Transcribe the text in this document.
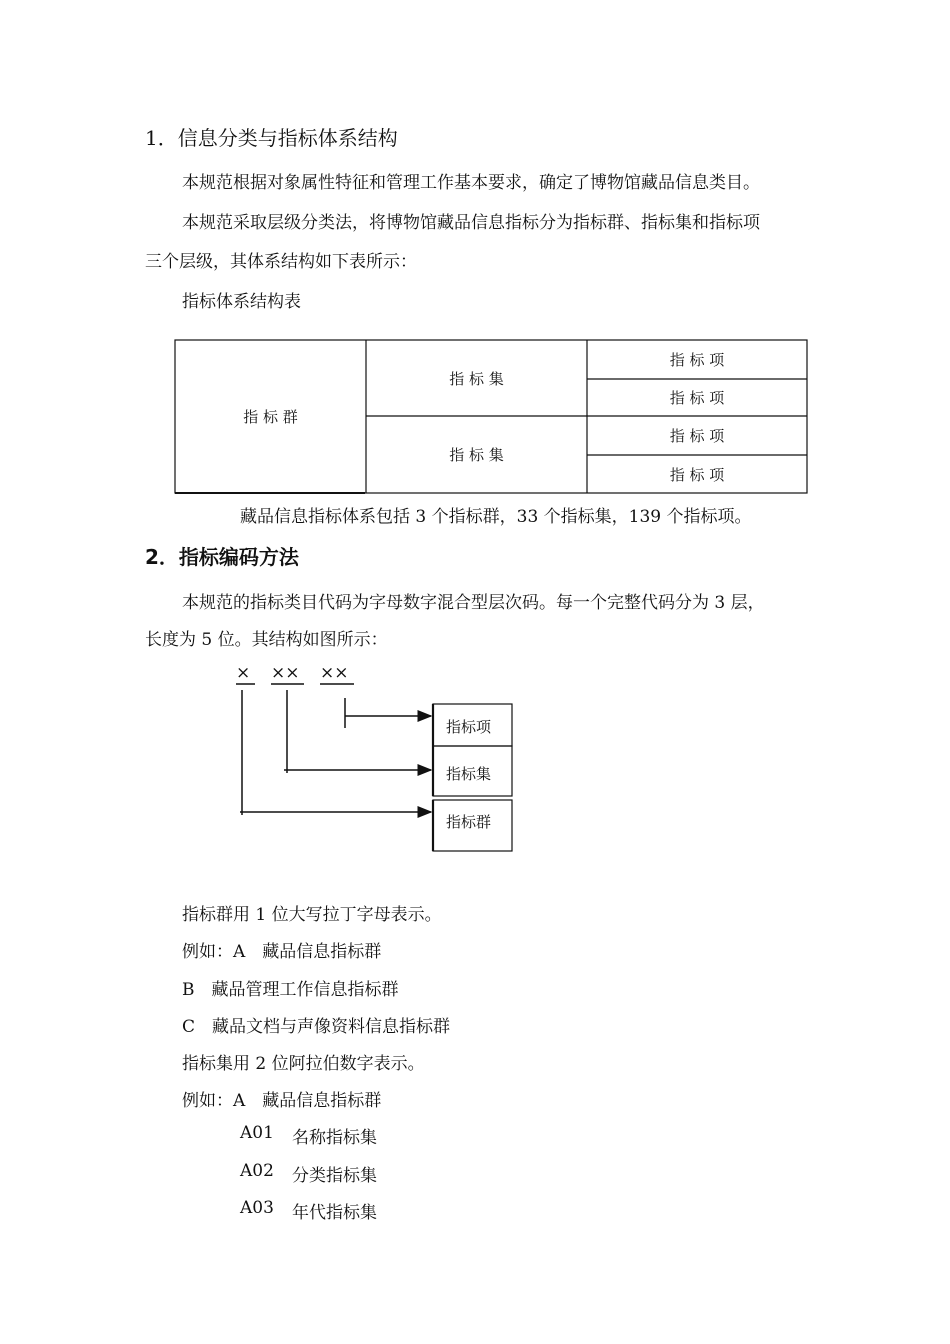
1．信息分类与指标体系结构
本规范根据对象属性特征和管理工作基本要求，确定了博物馆藏品信息类目。
本规范采取层级分类法，将博物馆藏品信息指标分为指标群、指标集和指标项
三个层级，其体系结构如下表所示：
指标体系结构表
指 标 群
指 标 集
指 标 集
指 标 项
指 标 项
指 标 项
指 标 项
藏品信息指标体系包括 3 个指标群，33 个指标集，139 个指标项。
2．指标编码方法
本规范的指标类目代码为字母数字混合型层次码。每一个完整代码分为 3 层，
长度为 5 位。其结构如图所示：
× ×× ××
指标项
指标集
指标群
指标群用 1 位大写拉丁字母表示。
例如：A　藏品信息指标群
B　藏品管理工作信息指标群
C　藏品文档与声像资料信息指标群
指标集用 2 位阿拉伯数字表示。
例如：A　藏品信息指标群
A01 名称指标集
A02 分类指标集
A03 年代指标集
